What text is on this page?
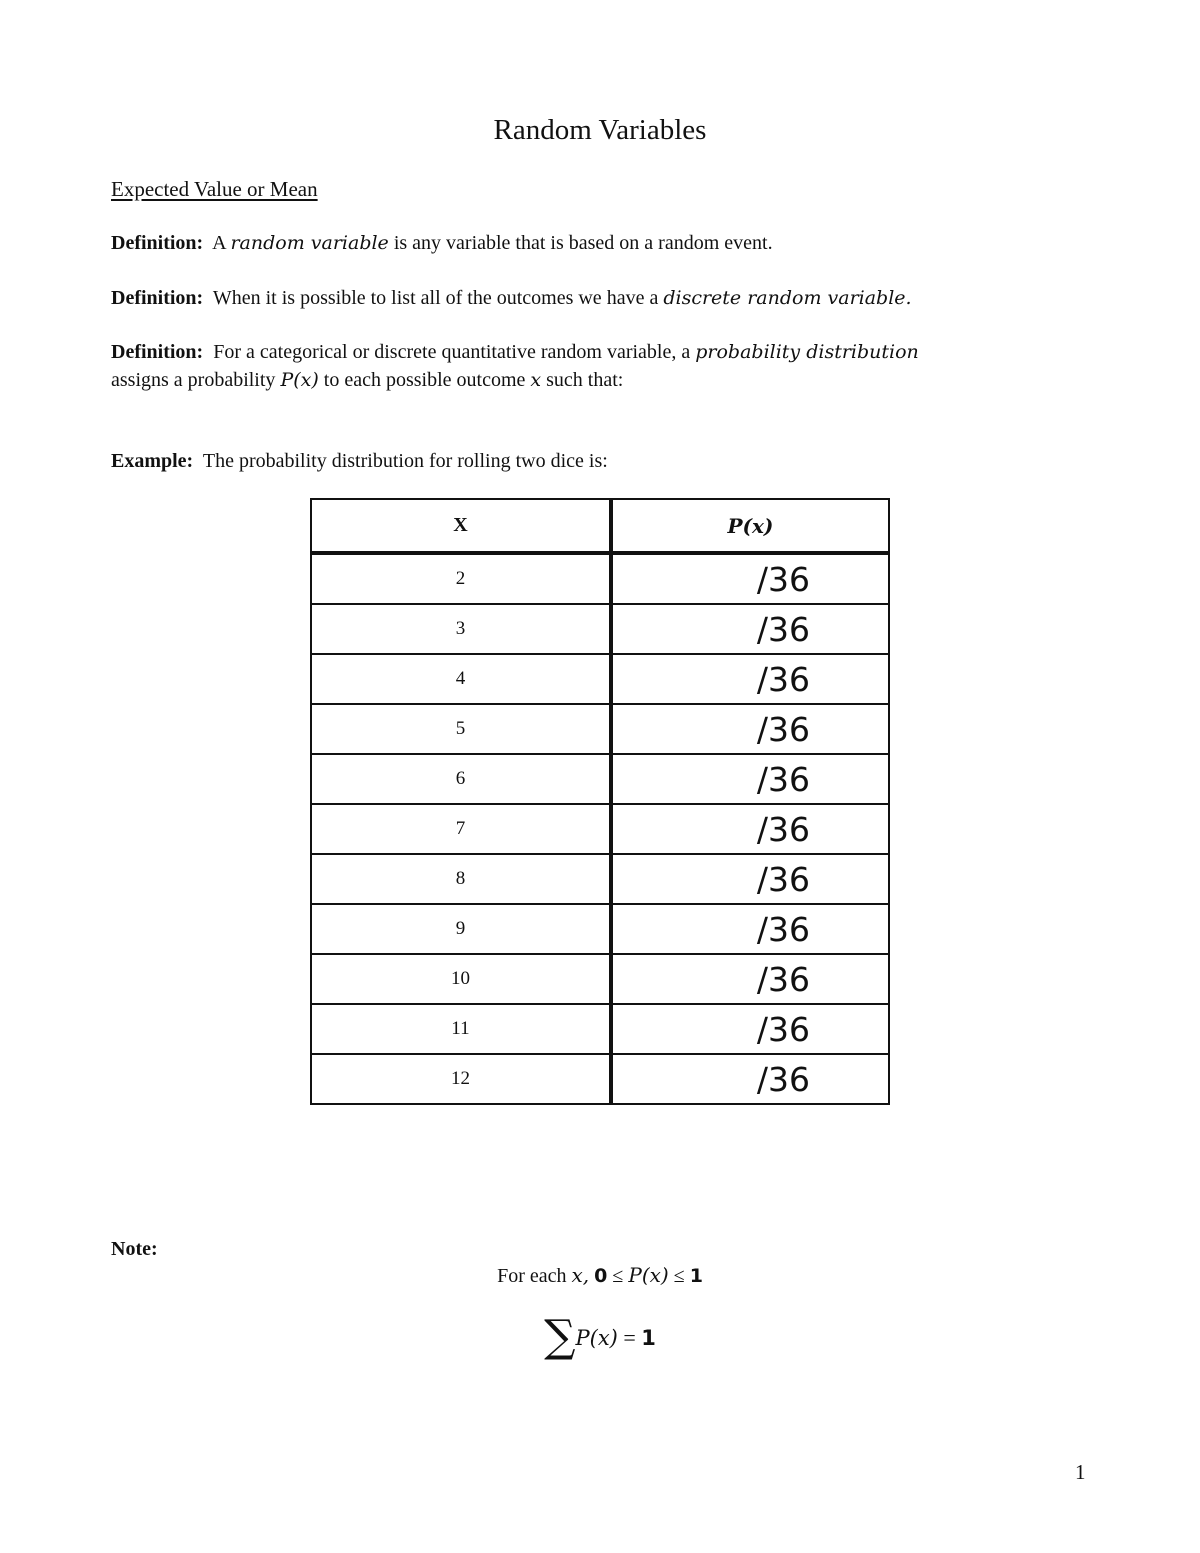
Random Variables
Expected Value or Mean
Definition: A random variable is any variable that is based on a random event.
Definition: When it is possible to list all of the outcomes we have a discrete random variable.
Definition: For a categorical or discrete quantitative random variable, a probability distribution
assigns a probability P(x) to each possible outcome x such that:
Example: The probability distribution for rolling two dice is:
X	P(x)
2	/36
3	/36
4	/36
5	/36
6	/36
7	/36
8	/36
9	/36
10	/36
11	/36
12	/36
Note:
For each x, 0 ≤ P(x) ≤ 1
∑P(x) = 1
1
